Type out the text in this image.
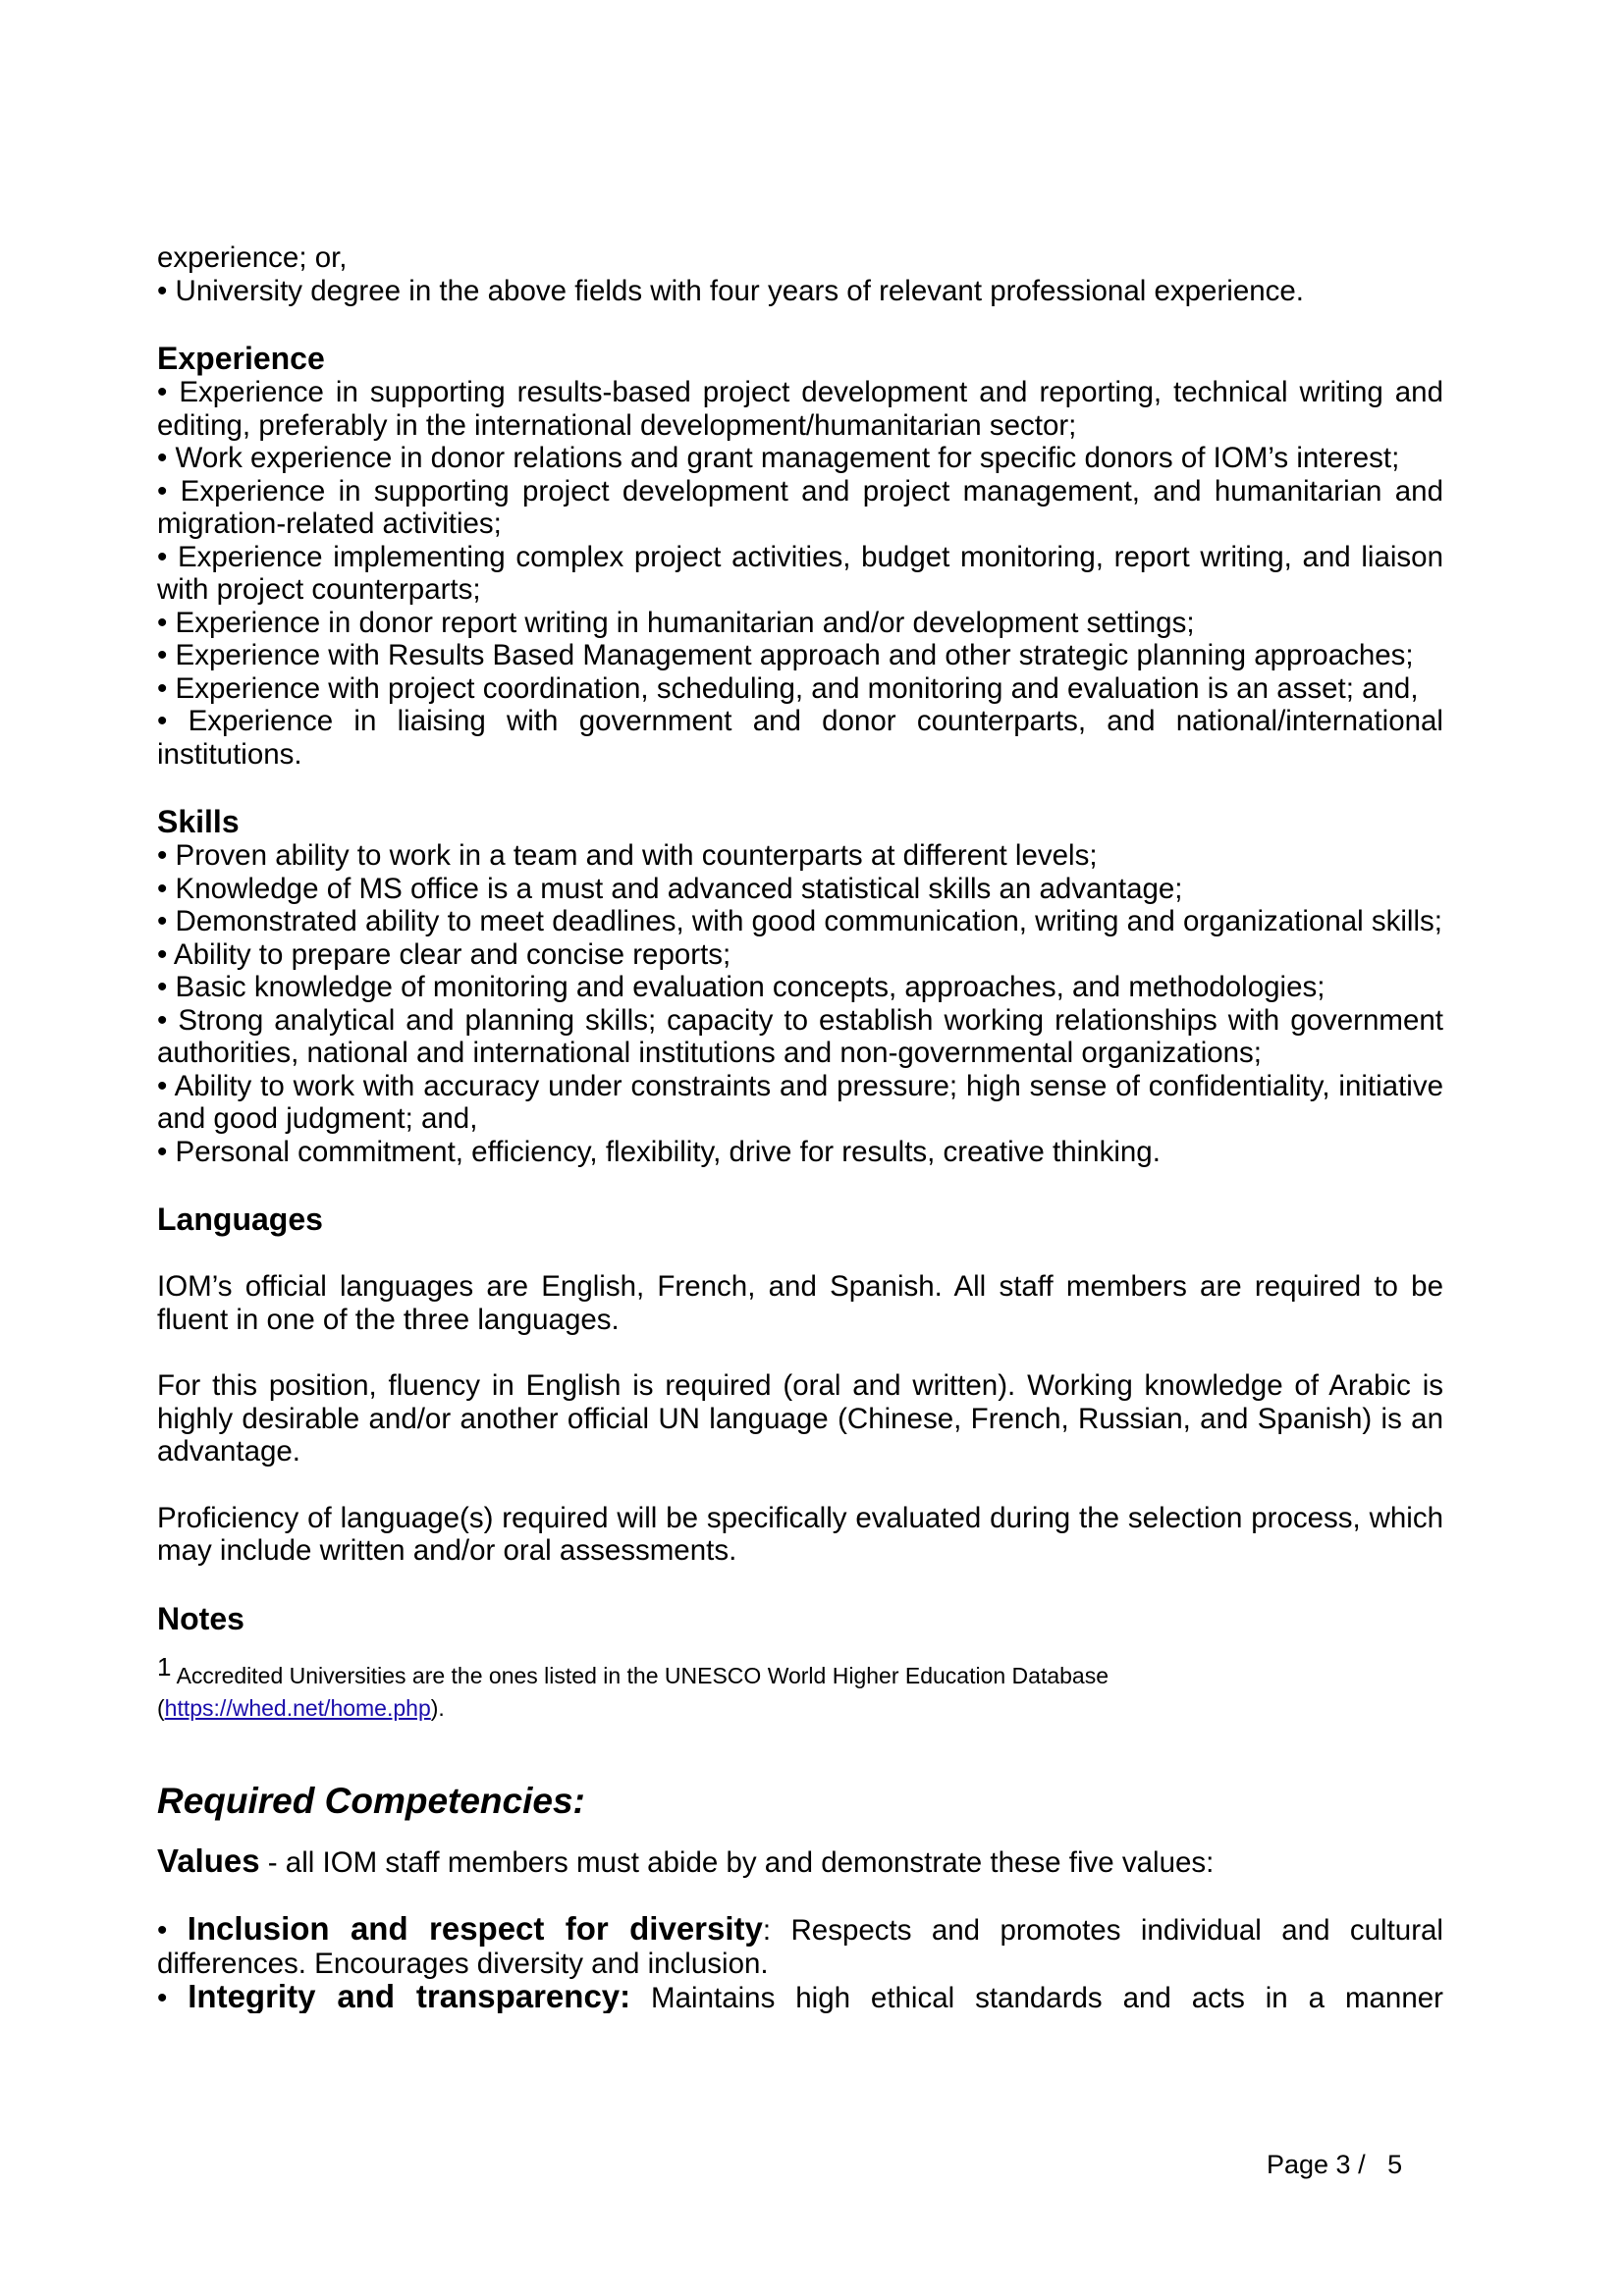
experience; or,

• University degree in the above fields with four years of relevant professional experience.

Experience

• Experience in supporting results-based project development and reporting, technical writing and editing, preferably in the international development/humanitarian sector;

• Work experience in donor relations and grant management for specific donors of IOM’s interest;

• Experience in supporting project development and project management, and humanitarian and migration-related activities;

• Experience implementing complex project activities, budget monitoring, report writing, and liaison with project counterparts;

• Experience in donor report writing in humanitarian and/or development settings;

• Experience with Results Based Management approach and other strategic planning approaches;

• Experience with project coordination, scheduling, and monitoring and evaluation is an asset; and,

• Experience in liaising with government and donor counterparts, and national/international institutions.

Skills

• Proven ability to work in a team and with counterparts at different levels;

• Knowledge of MS office is a must and advanced statistical skills an advantage;

• Demonstrated ability to meet deadlines, with good communication, writing and organizational skills;

• Ability to prepare clear and concise reports;

• Basic knowledge of monitoring and evaluation concepts, approaches, and methodologies;

• Strong analytical and planning skills; capacity to establish working relationships with government authorities, national and international institutions and non-governmental organizations;

• Ability to work with accuracy under constraints and pressure; high sense of confidentiality, initiative and good judgment; and,

• Personal commitment, efficiency, flexibility, drive for results, creative thinking.

Languages

IOM’s official languages are English, French, and Spanish. All staff members are required to be fluent in one of the three languages.

For this position, fluency in English is required (oral and written). Working knowledge of Arabic is highly desirable and/or another official UN language (Chinese, French, Russian, and Spanish) is an advantage.

Proficiency of language(s) required will be specifically evaluated during the selection process, which may include written and/or oral assessments.

Notes

$^1$ Accredited Universities are the ones listed in the UNESCO World Higher Education Database

(https://whed.net/home.php).

Required Competencies:

Values - all IOM staff members must abide by and demonstrate these five values:

• Inclusion and respect for diversity: Respects and promotes individual and cultural differences. Encourages diversity and inclusion.

• Integrity and transparency: Maintains high ethical standards and acts in a manner

Page 3 /   5
